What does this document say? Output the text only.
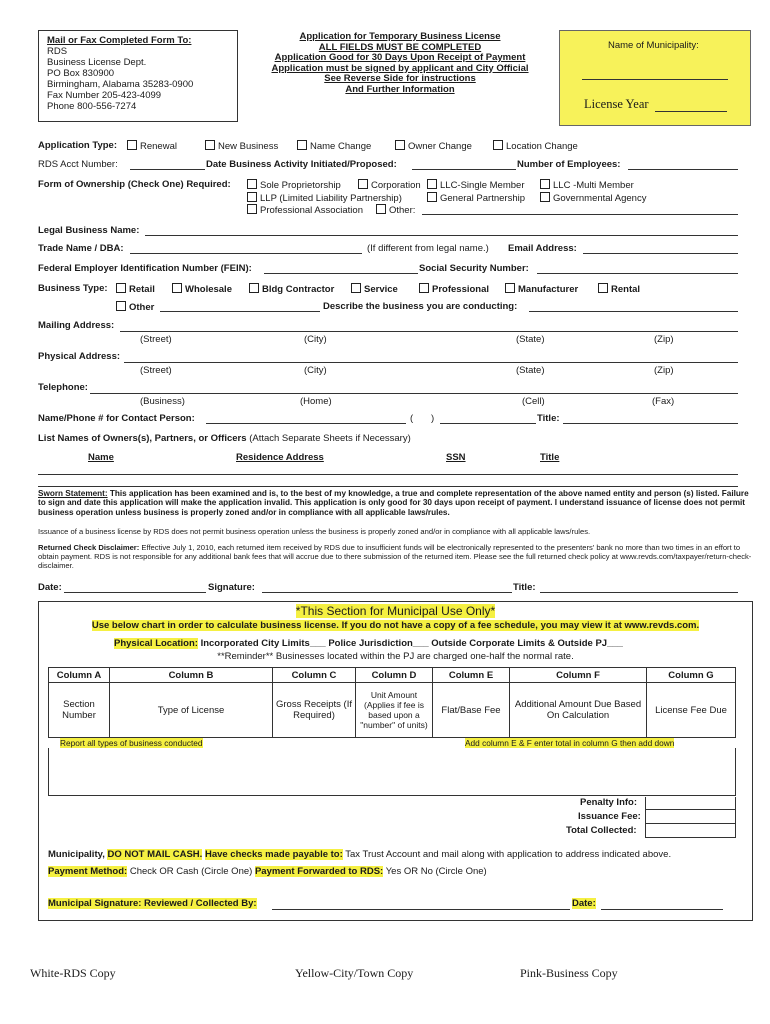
Mail or Fax Completed Form To:
RDS
Business License Dept.
PO Box 830900
Birmingham, Alabama 35283-0900
Fax Number 205-423-4099
Phone 800-556-7274
Application for Temporary Business License
ALL FIELDS MUST BE COMPLETED
Application Good for 30 Days Upon Receipt of Payment
Application must be signed by applicant and City Official
See Reverse Side for instructions
And Further Information
Name of Municipality:
License Year
Application Type:	Renewal	New Business	Name Change	Owner Change	Location Change
RDS Acct Number:	Date Business Activity Initiated/Proposed:	Number of Employees:
Form of Ownership (Check One) Required:	Sole Proprietorship	Corporation	LLC-Single Member	LLC -Multi Member
LLP (Limited Liability Partnership)	General Partnership	Governmental Agency
Professional Association	Other:
Legal Business Name:
Trade Name / DBA:	(If different from legal name.) Email Address:
Federal Employer Identification Number (FEIN):	Social Security Number:
Business Type:	Retail	Wholesale	Bldg Contractor	Service	Professional	Manufacturer	Rental
Other	Describe the business you are conducting:
Mailing Address:
(Street)	(City)	(State)	(Zip)
Physical Address:
(Street)	(City)	(State)	(Zip)
Telephone:
(Business)	(Home)	(Cell)	(Fax)
Name/Phone # for Contact Person:	( )	Title:
List Names of Owners(s), Partners, or Officers (Attach Separate Sheets if Necessary)
Name	Residence Address	SSN	Title
Sworn Statement: This application has been examined and is, to the best of my knowledge, a true and complete representation of the above named entity and person (s) listed. Failure to sign and date this application will make the application invalid. This application is only good for 30 days upon receipt of payment. I understand issuance of license does not permit business operation unless business is properly zoned and/or in compliance with all applicable laws/rules.
Issuance of a business license by RDS does not permit business operation unless the business is properly zoned and/or in compliance with all applicable laws/rules.
Returned Check Disclaimer: Effective July 1, 2010, each returned item received by RDS due to insufficient funds will be electronically represented to the presenters' bank no more than two times in an effort to obtain payment. RDS is not responsible for any additional bank fees that will accrue due to there submission of the returned item. Please see the full returned check policy at www.revds.com/taxpayer/return-check-disclaimer.
Date:	Signature:	Title:
*This Section for Municipal Use Only*
Use below chart in order to calculate business license. If you do not have a copy of a fee schedule, you may view it at www.revds.com.
Physical Location: Incorporated City Limits___ Police Jurisdiction___ Outside Corporate Limits & Outside PJ___
**Reminder** Businesses located within the PJ are charged one-half the normal rate.
Column A	Column B	Column C	Column D	Column E	Column F	Column G
Section Number	Type of License	Gross Receipts (If Required)	Unit Amount (Applies if fee is based upon a "number" of units)	Flat/Base Fee	Additional Amount Due Based On Calculation	License Fee Due
Report all types of business conducted	Add column E & F enter total in column G then add down
Penalty Info:
Issuance Fee:
Total Collected:
Municipality, DO NOT MAIL CASH. Have checks made payable to: Tax Trust Account and mail along with application to address indicated above.
Payment Method: Check OR Cash (Circle One) Payment Forwarded to RDS: Yes OR No (Circle One)
Municipal Signature: Reviewed / Collected By:	Date:
White-RDS Copy	Yellow-City/Town Copy	Pink-Business Copy
